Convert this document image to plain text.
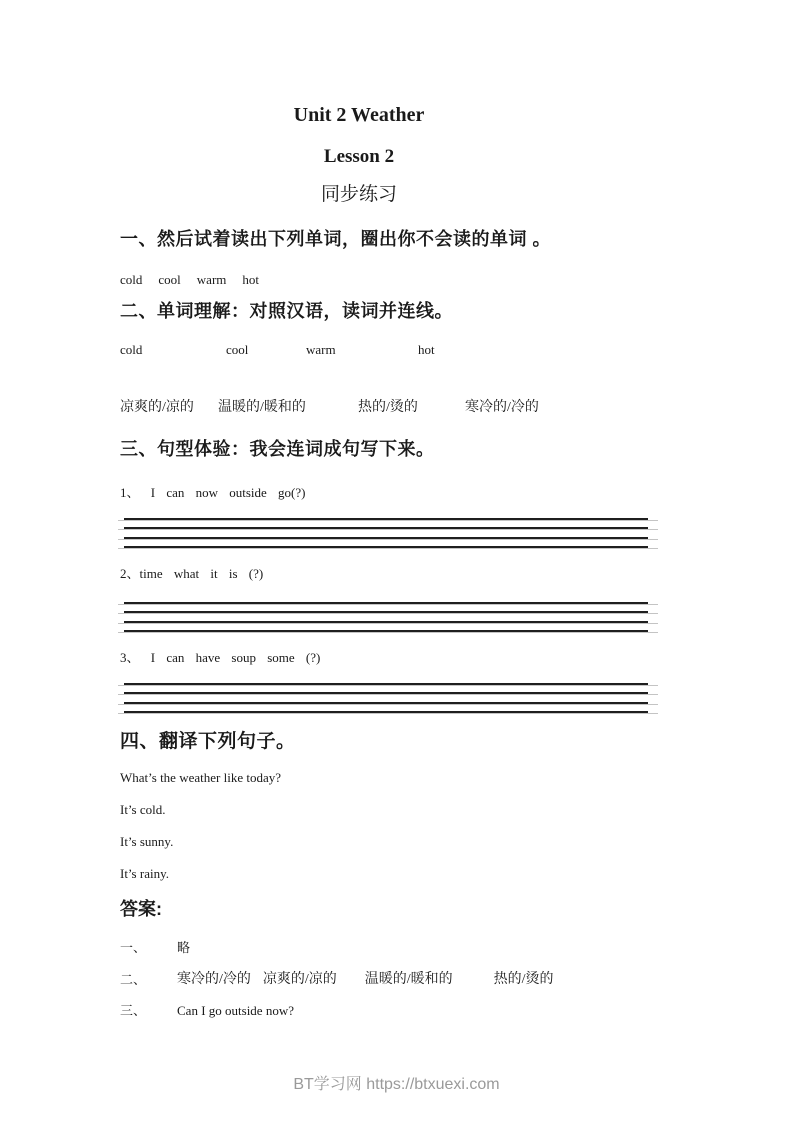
Unit 2 Weather
Lesson 2
同步练习
一、然后试着读出下列单词，圈出你不会读的单词 。
cold cool warm hot
二、单词理解：对照汉语，读词并连线。
cold	cool	warm	hot
凉爽的/凉的 温暖的/暖和的	热的/烫的	寒冷的/冷的
三、句型体验：我会连词成句写下来。
1、 I can now outside go(?)
2、time what it is (?)
3、 I can have soup some (?)
四、翻译下列句子。
What’s the weather like today?
It’s cold.
It’s sunny.
It’s rainy.
答案:
一、	略
二、	寒冷的/冷的 凉爽的/凉的 温暖的/暖和的	热的/烫的
三、	Can I go outside now?
BT学习网 https://btxuexi.com
